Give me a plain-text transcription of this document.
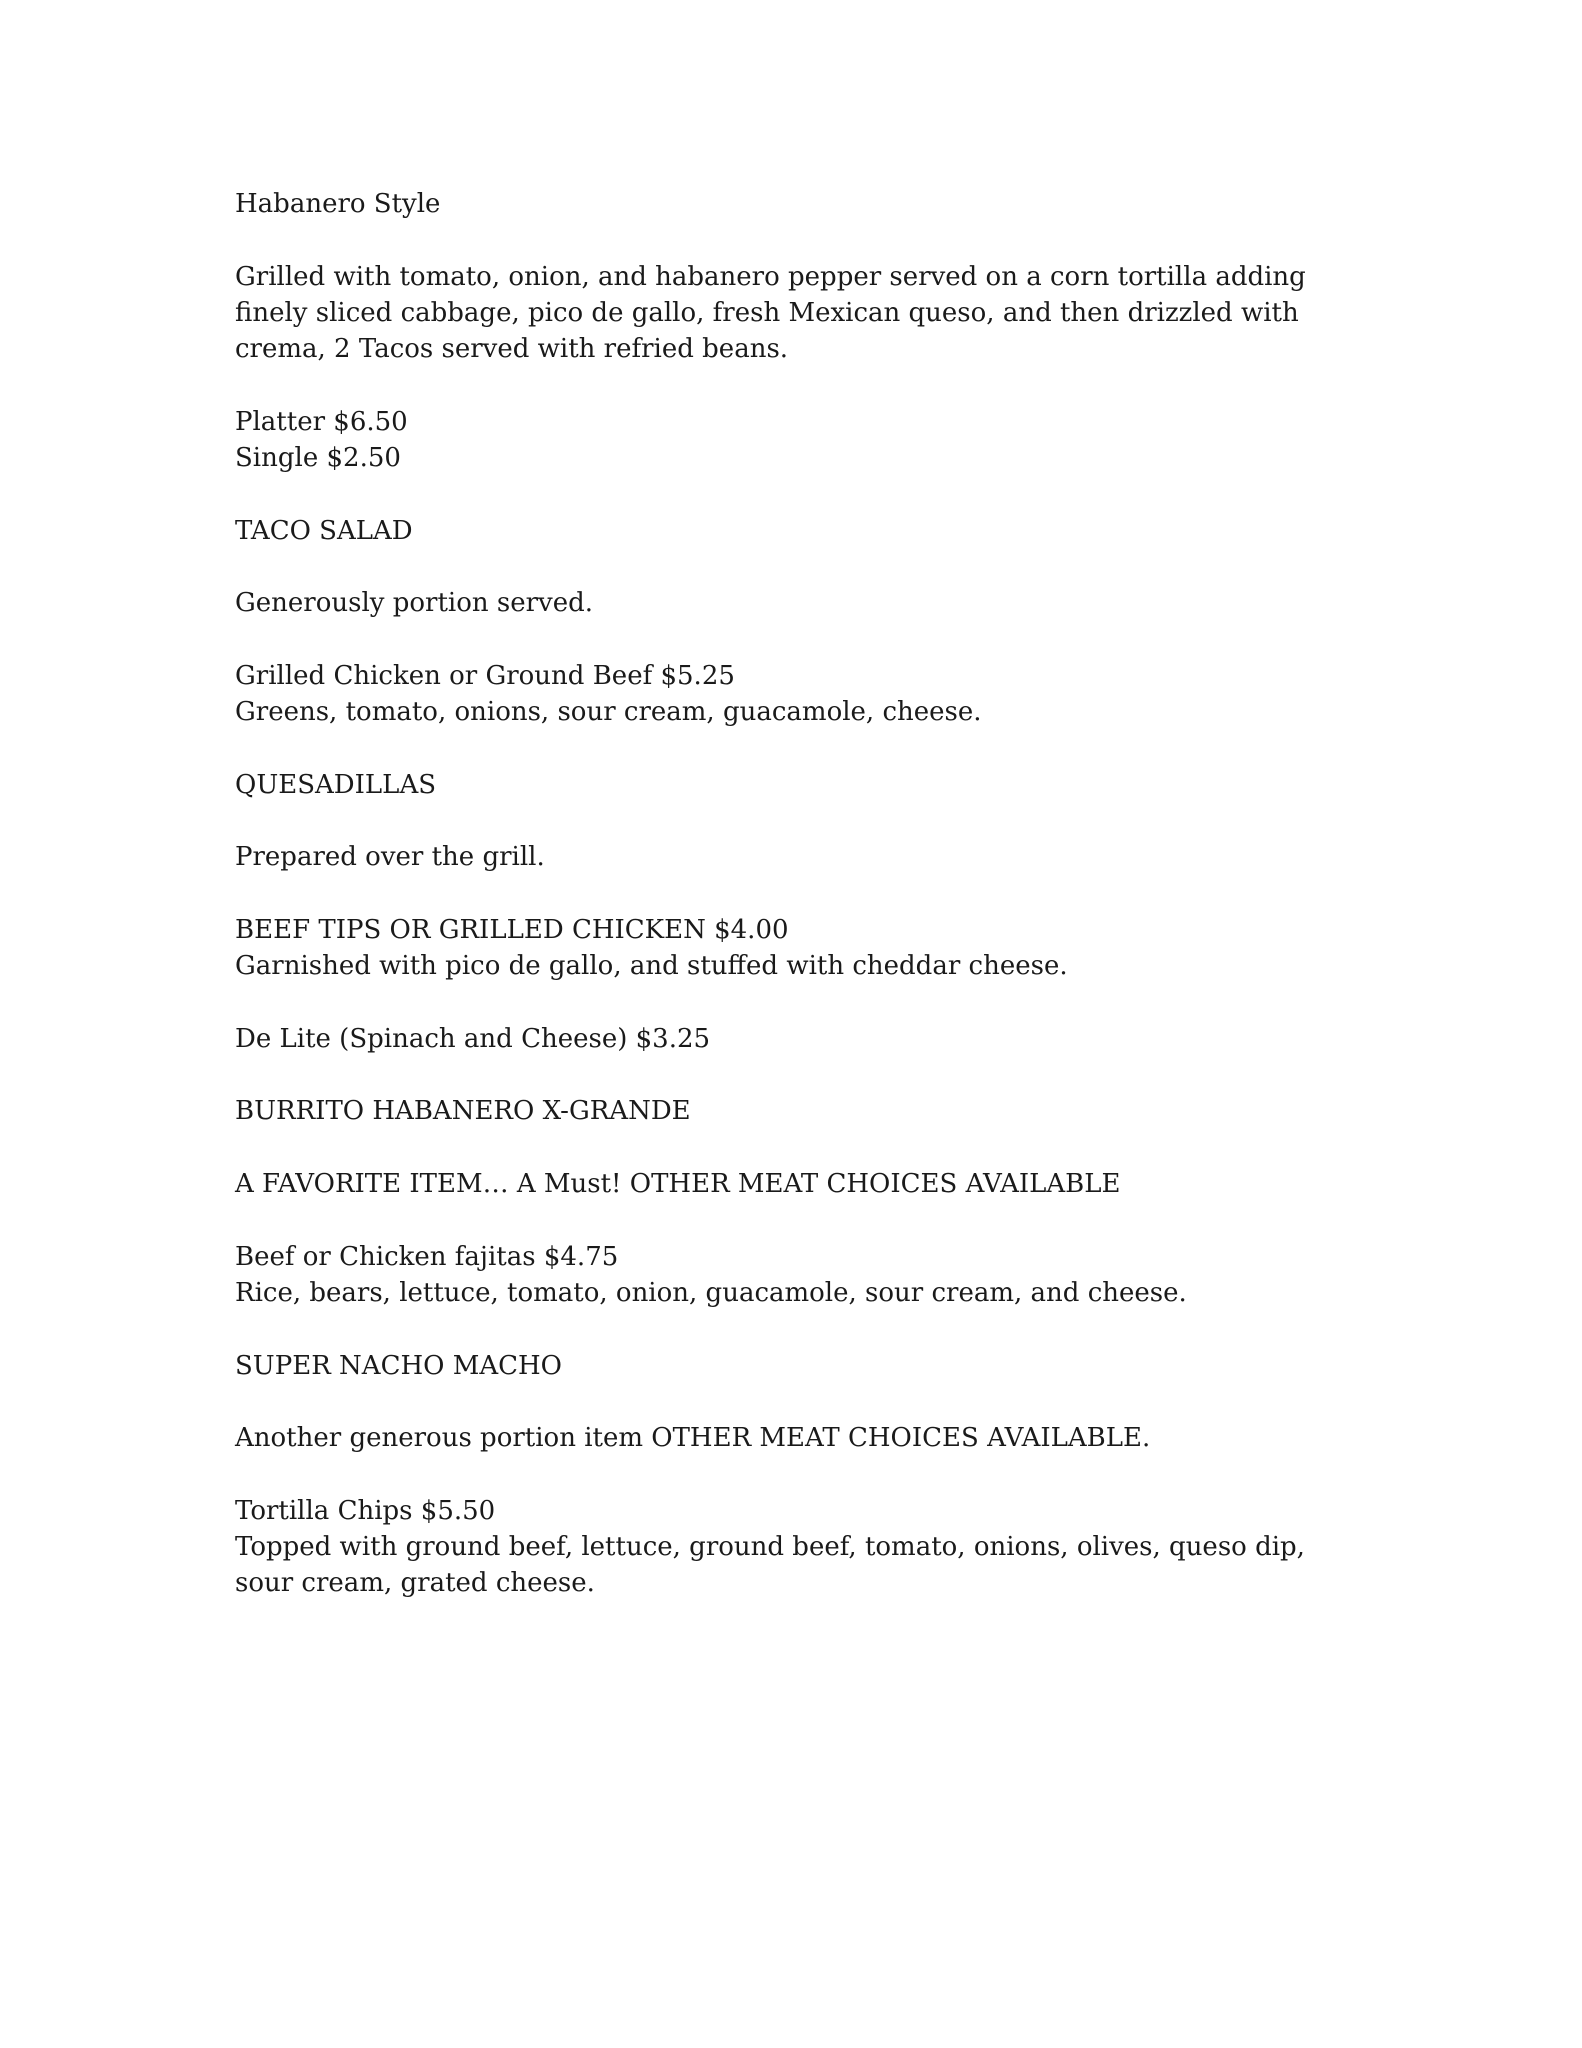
Habanero Style
Grilled with tomato, onion, and habanero pepper served on a corn tortilla adding
finely sliced cabbage, pico de gallo, fresh Mexican queso, and then drizzled with
crema, 2 Tacos served with refried beans.
Platter $6.50
Single $2.50
TACO SALAD
Generously portion served.
Grilled Chicken or Ground Beef $5.25
Greens, tomato, onions, sour cream, guacamole, cheese.
QUESADILLAS
Prepared over the grill.
BEEF TIPS OR GRILLED CHICKEN $4.00
Garnished with pico de gallo, and stuffed with cheddar cheese.
De Lite (Spinach and Cheese) $3.25
BURRITO HABANERO X-GRANDE
A FAVORITE ITEM… A Must! OTHER MEAT CHOICES AVAILABLE
Beef or Chicken fajitas $4.75
Rice, bears, lettuce, tomato, onion, guacamole, sour cream, and cheese.
SUPER NACHO MACHO
Another generous portion item OTHER MEAT CHOICES AVAILABLE.
Tortilla Chips $5.50
Topped with ground beef, lettuce, ground beef, tomato, onions, olives, queso dip,
sour cream, grated cheese.
